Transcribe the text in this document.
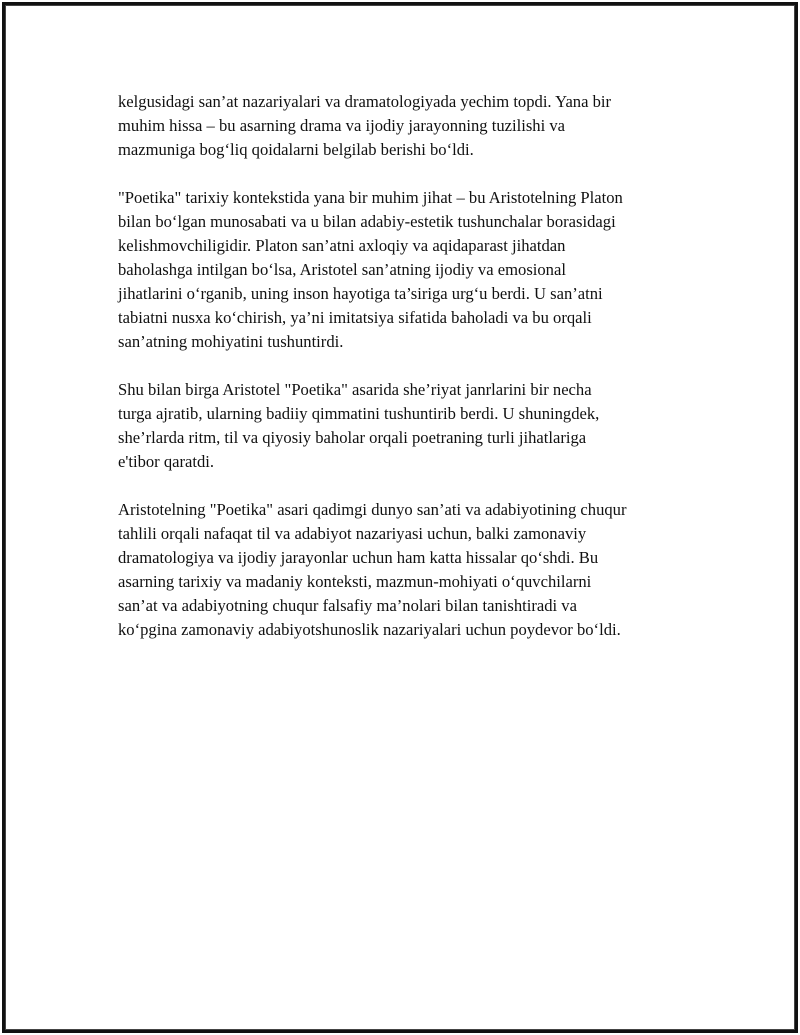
kelgusidagi san’at nazariyalari va dramatologiyada yechim topdi. Yana bir
muhim hissa – bu asarning drama va ijodiy jarayonning tuzilishi va
mazmuniga bog‘liq qoidalarni belgilab berishi bo‘ldi.

"Poetika" tarixiy kontekstida yana bir muhim jihat – bu Aristotelning Platon
bilan bo‘lgan munosabati va u bilan adabiy-estetik tushunchalar borasidagi
kelishmovchiligidir. Platon san’atni axloqiy va aqidaparast jihatdan
baholashga intilgan bo‘lsa, Aristotel san’atning ijodiy va emosional
jihatlarini o‘rganib, uning inson hayotiga ta’siriga urg‘u berdi. U san’atni
tabiatni nusxa ko‘chirish, ya’ni imitatsiya sifatida baholadi va bu orqali
san’atning mohiyatini tushuntirdi.

Shu bilan birga Aristotel "Poetika" asarida she’riyat janrlarini bir necha
turga ajratib, ularning badiiy qimmatini tushuntirib berdi. U shuningdek,
she’rlarda ritm, til va qiyosiy baholar orqali poetraning turli jihatlariga
e'tibor qaratdi.

Aristotelning "Poetika" asari qadimgi dunyo san’ati va adabiyotining chuqur
tahlili orqali nafaqat til va adabiyot nazariyasi uchun, balki zamonaviy
dramatologiya va ijodiy jarayonlar uchun ham katta hissalar qo‘shdi. Bu
asarning tarixiy va madaniy konteksti, mazmun-mohiyati o‘quvchilarni
san’at va adabiyotning chuqur falsafiy ma’nolari bilan tanishtiradi va
ko‘pgina zamonaviy adabiyotshunoslik nazariyalari uchun poydevor bo‘ldi.
